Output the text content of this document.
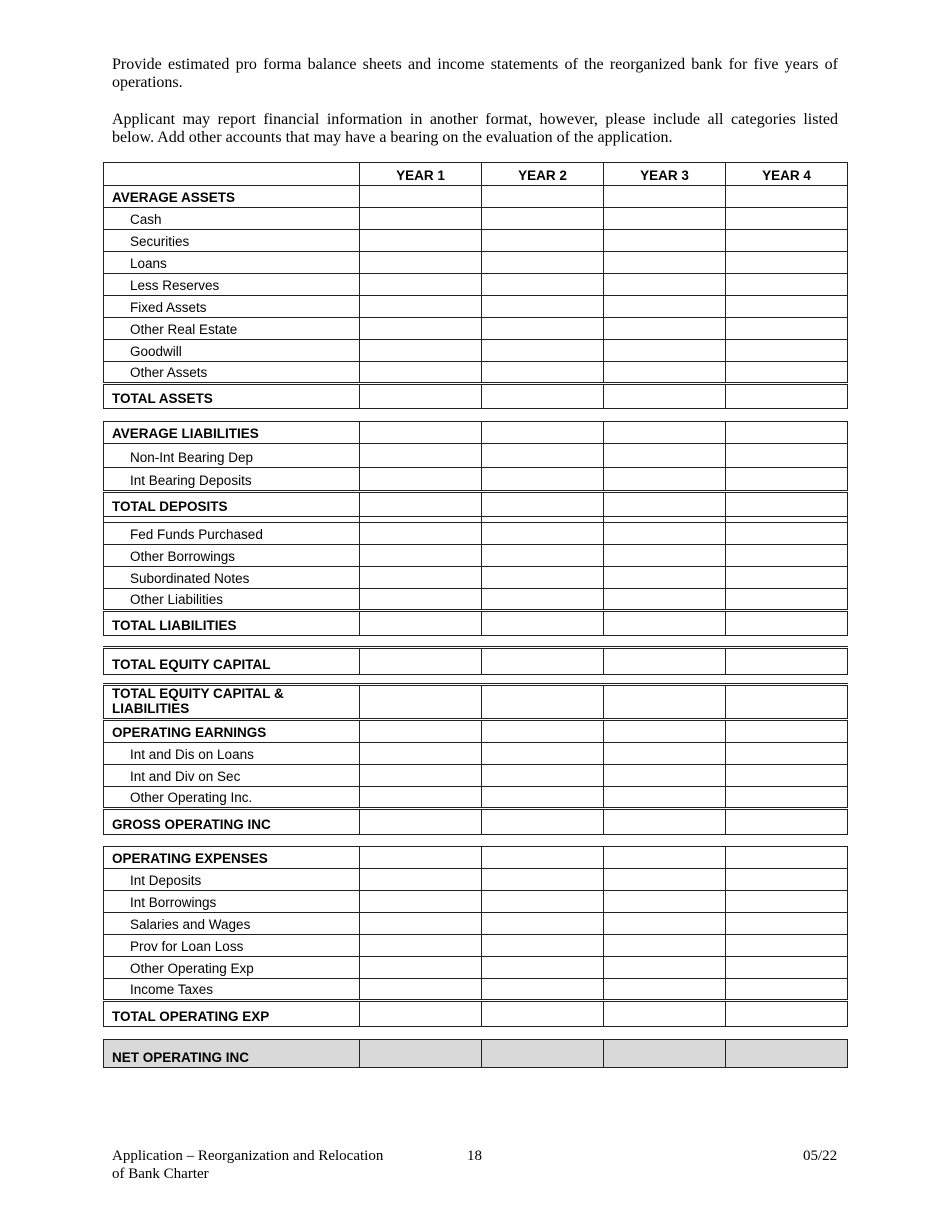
Provide estimated pro forma balance sheets and income statements of the reorganized bank for five years of operations.

Applicant may report financial information in another format, however, please include all categories listed below. Add other accounts that may have a bearing on the evaluation of the application.

	YEAR 1	YEAR 2	YEAR 3	YEAR 4
AVERAGE ASSETS				
Cash				
Securities				
Loans				
Less Reserves				
Fixed Assets				
Other Real Estate				
Goodwill				
Other Assets				
TOTAL ASSETS				
AVERAGE LIABILITIES				
Non-Int Bearing Dep				
Int Bearing Deposits				
TOTAL DEPOSITS				

Fed Funds Purchased				
Other Borrowings				
Subordinated Notes				
Other Liabilities				
TOTAL LIABILITIES				
TOTAL EQUITY CAPITAL				
TOTAL EQUITY CAPITAL & LIABILITIES				
OPERATING EARNINGS				
Int and Dis on Loans				
Int and Div on Sec				
Other Operating Inc.				
GROSS OPERATING INC				
OPERATING EXPENSES				
Int Deposits				
Int Borrowings				
Salaries and Wages				
Prov for Loan Loss				
Other Operating Exp				
Income Taxes				
TOTAL OPERATING EXP				
NET OPERATING INC				
Application – Reorganization and Relocation
of Bank Charter
18	05/22
